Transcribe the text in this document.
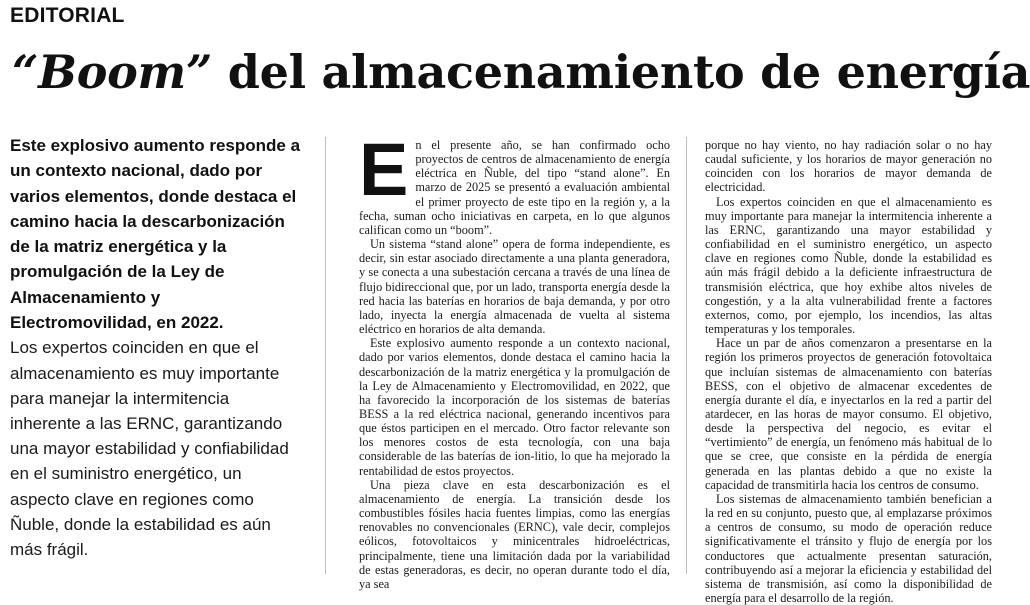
EDITORIAL
“Boom” del almacenamiento de energía

Este explosivo aumento responde a un contexto nacional, dado por varios elementos, donde destaca el camino hacia la descarbonización de la matriz energética y la promulgación de la Ley de Almacenamiento y Electromovilidad, en 2022.

Los expertos coinciden en que el almacenamiento es muy importante para manejar la intermitencia inherente a las ERNC, garantizando una mayor estabilidad y confiabilidad en el suministro energético, un aspecto clave en regiones como Ñuble, donde la estabilidad es aún más frágil.

En el presente año, se han confirmado ocho proyectos de centros de almacenamiento de energía eléctrica en Ñuble, del tipo “stand alone”. En marzo de 2025 se presentó a evaluación ambiental el primer proyecto de este tipo en la región y, a la fecha, suman ocho iniciativas en carpeta, en lo que algunos califican como un “boom”.

Un sistema “stand alone” opera de forma independiente, es decir, sin estar asociado directamente a una planta generadora, y se conecta a una subestación cercana a través de una línea de flujo bidireccional que, por un lado, transporta energía desde la red hacia las baterías en horarios de baja demanda, y por otro lado, inyecta la energía almacenada de vuelta al sistema eléctrico en horarios de alta demanda.

Este explosivo aumento responde a un contexto nacional, dado por varios elementos, donde destaca el camino hacia la descarbonización de la matriz energética y la promulgación de la Ley de Almacenamiento y Electromovilidad, en 2022, que ha favorecido la incorporación de los sistemas de baterías BESS a la red eléctrica nacional, generando incentivos para que éstos participen en el mercado. Otro factor relevante son los menores costos de esta tecnología, con una baja considerable de las baterías de ion-litio, lo que ha mejorado la rentabilidad de estos proyectos.

Una pieza clave en esta descarbonización es el almacenamiento de energía. La transición desde los combustibles fósiles hacia fuentes limpias, como las energías renovables no convencionales (ERNC), vale decir, complejos eólicos, fotovoltaicos y minicentrales hidroeléctricas, principalmente, tiene una limitación dada por la variabilidad de estas generadoras, es decir, no operan durante todo el día, ya sea

porque no hay viento, no hay radiación solar o no hay caudal suficiente, y los horarios de mayor generación no coinciden con los horarios de mayor demanda de electricidad.

Los expertos coinciden en que el almacenamiento es muy importante para manejar la intermitencia inherente a las ERNC, garantizando una mayor estabilidad y confiabilidad en el suministro energético, un aspecto clave en regiones como Ñuble, donde la estabilidad es aún más frágil debido a la deficiente infraestructura de transmisión eléctrica, que hoy exhibe altos niveles de congestión, y a la alta vulnerabilidad frente a factores externos, como, por ejemplo, los incendios, las altas temperaturas y los temporales.

Hace un par de años comenzaron a presentarse en la región los primeros proyectos de generación fotovoltaica que incluían sistemas de almacenamiento con baterías BESS, con el objetivo de almacenar excedentes de energía durante el día, e inyectarlos en la red a partir del atardecer, en las horas de mayor consumo. El objetivo, desde la perspectiva del negocio, es evitar el “vertimiento” de energía, un fenómeno más habitual de lo que se cree, que consiste en la pérdida de energía generada en las plantas debido a que no existe la capacidad de transmitirla hacia los centros de consumo.

Los sistemas de almacenamiento también benefician a la red en su conjunto, puesto que, al emplazarse próximos a centros de consumo, su modo de operación reduce significativamente el tránsito y flujo de energía por los conductores que actualmente presentan saturación, contribuyendo así a mejorar la eficiencia y estabilidad del sistema de transmisión, así como la disponibilidad de energía para el desarrollo de la región.
